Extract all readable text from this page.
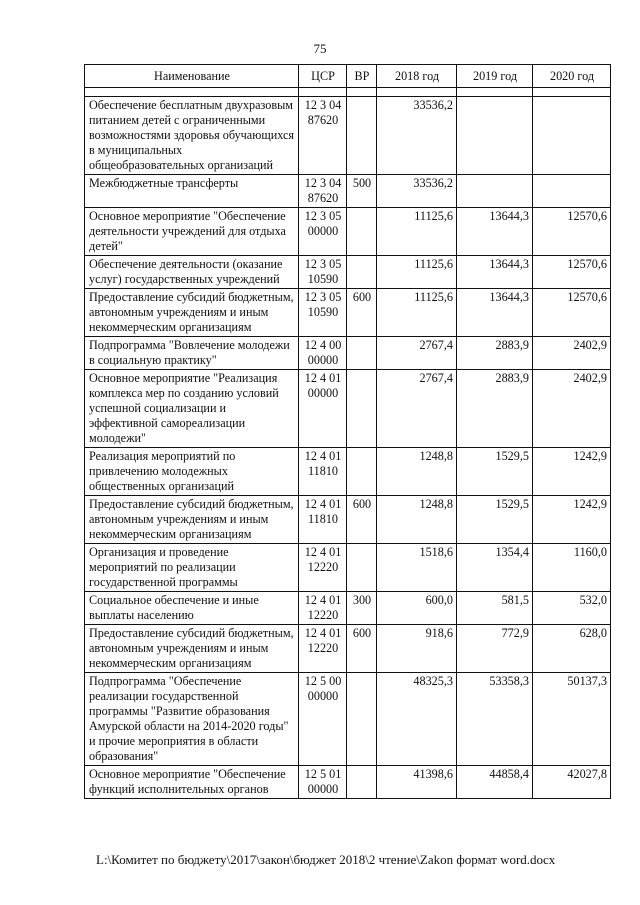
75
Наименование	ЦСР	ВР	2018 год	2019 год	2020 год

Обеспечение бесплатным двухразовым питанием детей с ограниченными возможностями здоровья обучающихся в муниципальных общеобразовательных организаций	12 3 04 87620		33536,2		
Межбюджетные трансферты	12 3 04 87620	500	33536,2		
Основное мероприятие "Обеспечение деятельности учреждений для отдыха детей"	12 3 05 00000		11125,6	13644,3	12570,6
Обеспечение деятельности (оказание услуг) государственных учреждений	12 3 05 10590		11125,6	13644,3	12570,6
Предоставление субсидий бюджетным, автономным учреждениям и иным некоммерческим организациям	12 3 05 10590	600	11125,6	13644,3	12570,6
Подпрограмма "Вовлечение молодежи в социальную практику"	12 4 00 00000		2767,4	2883,9	2402,9
Основное мероприятие "Реализация комплекса мер по созданию условий успешной социализации и эффективной самореализации молодежи"	12 4 01 00000		2767,4	2883,9	2402,9
Реализация мероприятий по привлечению молодежных общественных организаций	12 4 01 11810		1248,8	1529,5	1242,9
Предоставление субсидий бюджетным, автономным учреждениям и иным некоммерческим организациям	12 4 01 11810	600	1248,8	1529,5	1242,9
Организация и проведение мероприятий по реализации государственной программы	12 4 01 12220		1518,6	1354,4	1160,0
Социальное обеспечение и иные выплаты населению	12 4 01 12220	300	600,0	581,5	532,0
Предоставление субсидий бюджетным, автономным учреждениям и иным некоммерческим организациям	12 4 01 12220	600	918,6	772,9	628,0
Подпрограмма "Обеспечение реализации государственной программы "Развитие образования Амурской области на 2014-2020 годы" и прочие мероприятия в области образования"	12 5 00 00000		48325,3	53358,3	50137,3
Основное мероприятие "Обеспечение функций исполнительных органов	12 5 01 00000		41398,6	44858,4	42027,8
L:\Комитет по бюджету\2017\закон\бюджет 2018\2 чтение\Zakon формат word.docx
